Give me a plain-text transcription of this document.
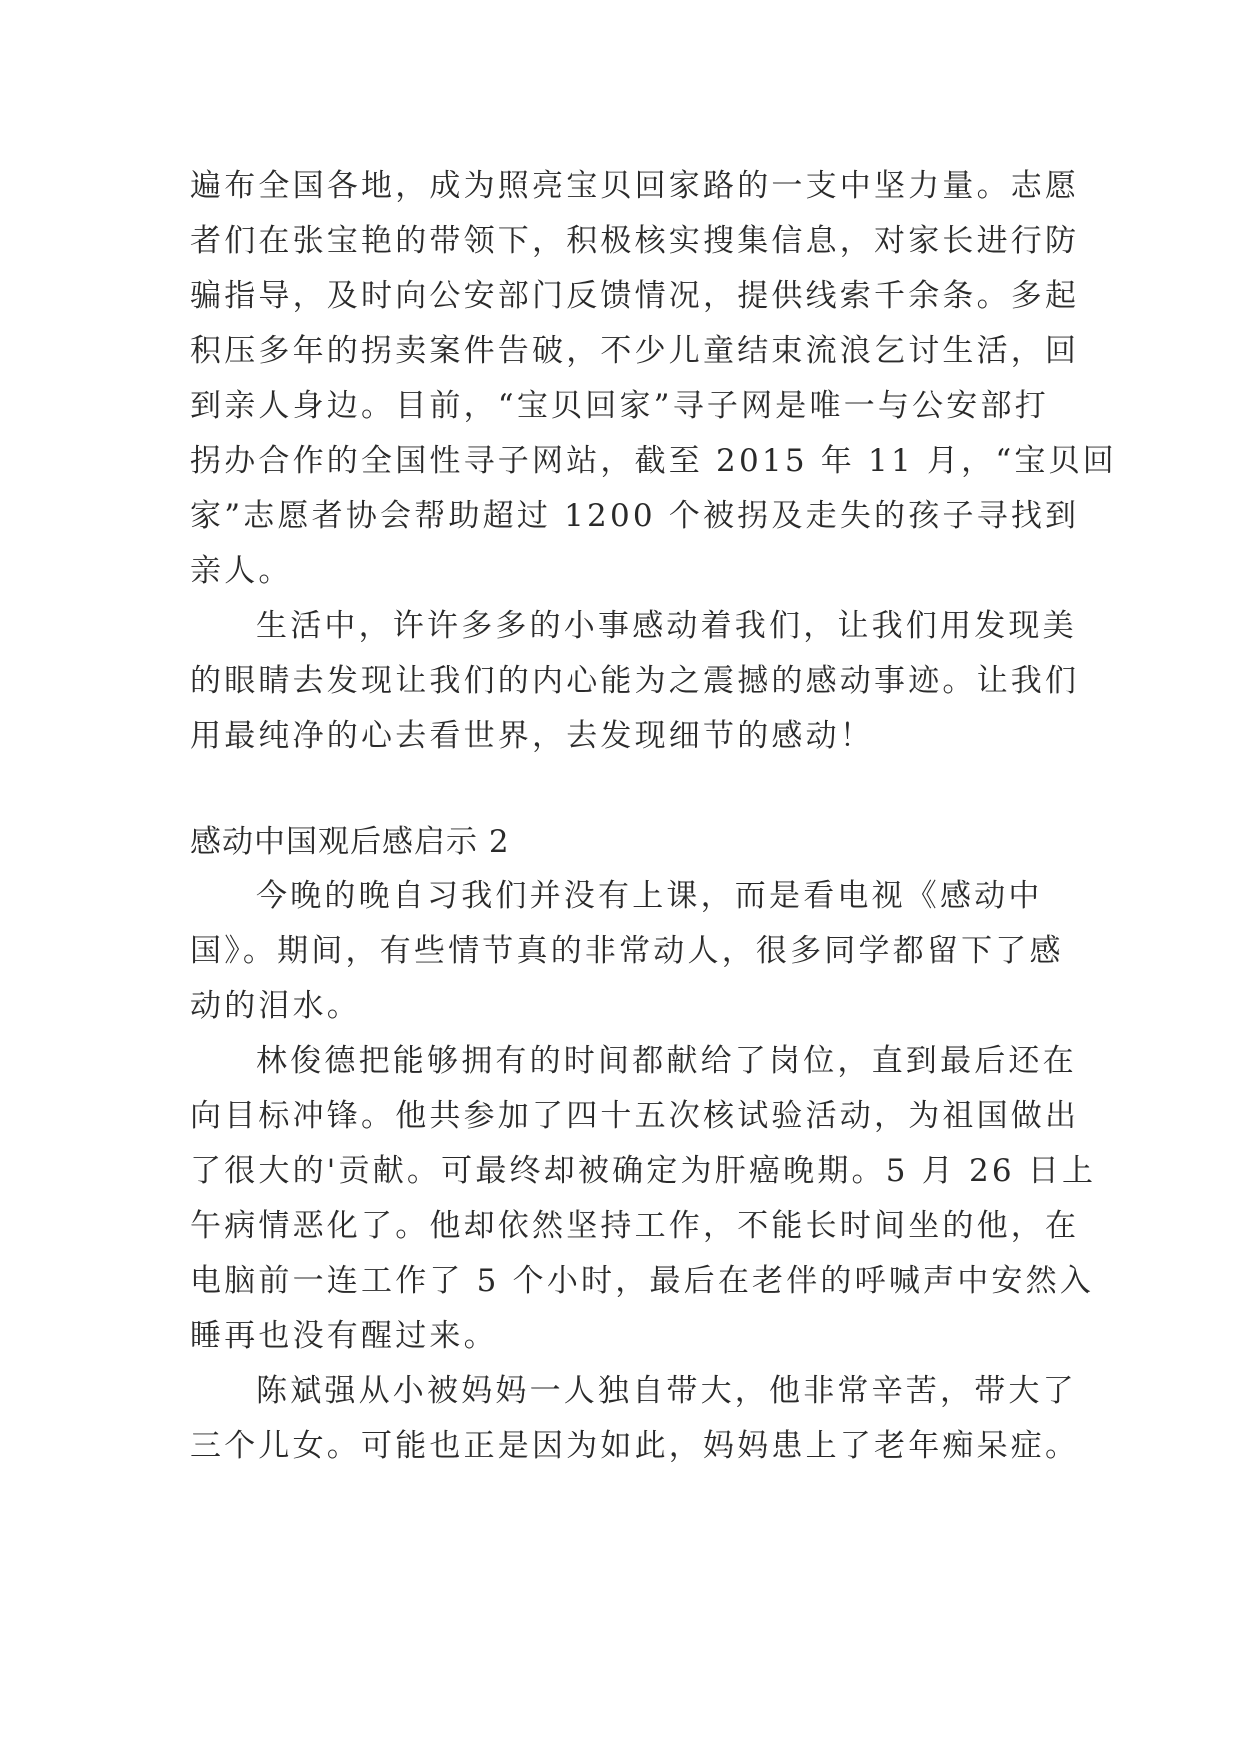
遍布全国各地，成为照亮宝贝回家路的一支中坚力量。志愿

者们在张宝艳的带领下，积极核实搜集信息，对家长进行防

骗指导，及时向公安部门反馈情况，提供线索千余条。多起

积压多年的拐卖案件告破，不少儿童结束流浪乞讨生活，回

到亲人身边。目前，“宝贝回家”寻子网是唯一与公安部打

拐办合作的全国性寻子网站，截至 2015 年 11 月，“宝贝回

家”志愿者协会帮助超过 1200 个被拐及走失的孩子寻找到

亲人。

生活中，许许多多的小事感动着我们，让我们用发现美

的眼睛去发现让我们的内心能为之震撼的感动事迹。让我们

用最纯净的心去看世界，去发现细节的感动！

感动中国观后感启示 2

今晚的晚自习我们并没有上课，而是看电视《感动中

国》。期间，有些情节真的非常动人，很多同学都留下了感

动的泪水。

林俊德把能够拥有的时间都献给了岗位，直到最后还在

向目标冲锋。他共参加了四十五次核试验活动，为祖国做出

了很大的'贡献。可最终却被确定为肝癌晚期。5 月 26 日上

午病情恶化了。他却依然坚持工作，不能长时间坐的他，在

电脑前一连工作了 5 个小时，最后在老伴的呼喊声中安然入

睡再也没有醒过来。

陈斌强从小被妈妈一人独自带大，他非常辛苦，带大了

三个儿女。可能也正是因为如此，妈妈患上了老年痴呆症。
